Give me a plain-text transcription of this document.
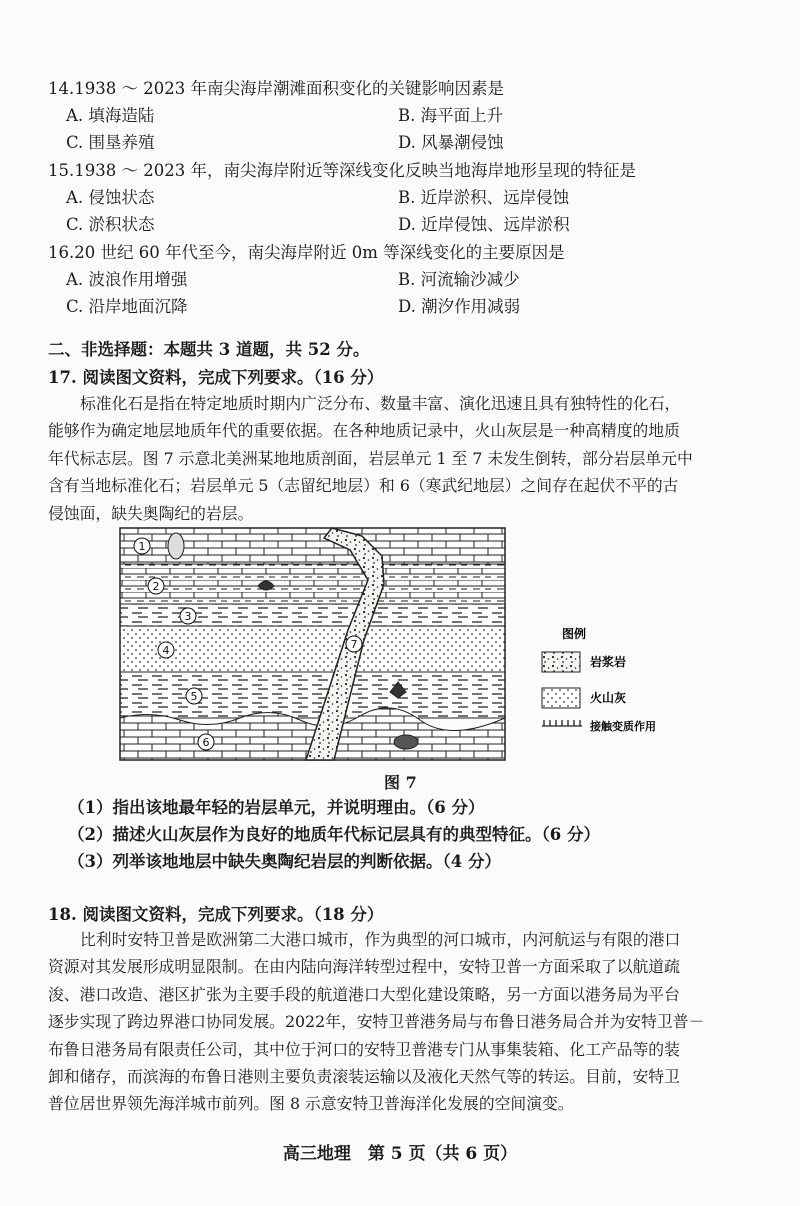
14.1938 ～ 2023 年南尖海岸潮滩面积变化的关键影响因素是
A. 填海造陆	B. 海平面上升
C. 围垦养殖	D. 风暴潮侵蚀
15.1938 ～ 2023 年，南尖海岸附近等深线变化反映当地海岸地形呈现的特征是
A. 侵蚀状态	B. 近岸淤积、远岸侵蚀
C. 淤积状态	D. 近岸侵蚀、远岸淤积
16.20 世纪 60 年代至今，南尖海岸附近 0m 等深线变化的主要原因是
A. 波浪作用增强	B. 河流输沙减少
C. 沿岸地面沉降	D. 潮汐作用减弱
二、非选择题：本题共 3 道题，共 52 分。
17. 阅读图文资料，完成下列要求。（16 分）
标准化石是指在特定地质时期内广泛分布、数量丰富、演化迅速且具有独特性的化石，
能够作为确定地层地质年代的重要依据。在各种地质记录中，火山灰层是一种高精度的地质
年代标志层。图 7 示意北美洲某地地质剖面，岩层单元 1 至 7 未发生倒转，部分岩层单元中
含有当地标准化石；岩层单元 5（志留纪地层）和 6（寒武纪地层）之间存在起伏不平的古
侵蚀面，缺失奥陶纪的岩层。
1
2
3
4
5
6
7
图例
岩浆岩
火山灰
接触变质作用
图 7
（1）指出该地最年轻的岩层单元，并说明理由。（6 分）
（2）描述火山灰层作为良好的地质年代标记层具有的典型特征。（6 分）
（3）列举该地地层中缺失奥陶纪岩层的判断依据。（4 分）
18. 阅读图文资料，完成下列要求。（18 分）
比利时安特卫普是欧洲第二大港口城市，作为典型的河口城市，内河航运与有限的港口
资源对其发展形成明显限制。在由内陆向海洋转型过程中，安特卫普一方面采取了以航道疏
浚、港口改造、港区扩张为主要手段的航道港口大型化建设策略，另一方面以港务局为平台
逐步实现了跨边界港口协同发展。2022年，安特卫普港务局与布鲁日港务局合并为安特卫普－
布鲁日港务局有限责任公司，其中位于河口的安特卫普港专门从事集装箱、化工产品等的装
卸和储存，而滨海的布鲁日港则主要负责滚装运输以及液化天然气等的转运。目前，安特卫
普位居世界领先海洋城市前列。图 8 示意安特卫普海洋化发展的空间演变。
高三地理　第 5 页（共 6 页）
